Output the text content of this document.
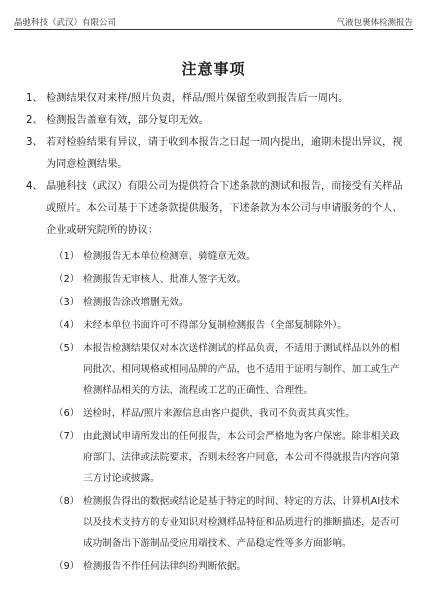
晶驰科技（武汉）有限公司	气液包裹体检测报告
注意事项
1、 检测结果仅对来样/照片负责，样品/照片保留至收到报告后一周内。
2、 检测报告盖章有效，部分复印无效。
3、 若对检验结果有异议，请于收到本报告之日起一周内提出，逾期未提出异议，视为同意检测结果。
4、 晶驰科技（武汉）有限公司为提供符合下述条款的测试和报告，而接受有关样品或照片。本公司基于下述条款提供服务，下述条款为本公司与申请服务的个人、企业或研究院所的协议：
（1） 检测报告无本单位检测章、骑缝章无效。
（2） 检测报告无审核人、批准人签字无效。
（3） 检测报告涂改增删无效。
（4） 未经本单位书面许可不得部分复制检测报告（全部复制除外）。
（5） 本报告检测结果仅对本次送样测试的样品负责，不适用于测试样品以外的相同批次、相同规格或相同品牌的产品，也不适用于证明与制作、加工或生产检测样品相关的方法、流程或工艺的正确性、合理性。
（6） 送检时，样品/照片来源信息由客户提供，我司不负责其真实性。
（7） 由此测试申请所发出的任何报告，本公司会严格地为客户保密。除非相关政府部门、法律或法院要求，否则未经客户同意，本公司不得就报告内容向第三方讨论或披露。
（8） 检测报告得出的数据或结论是基于特定的时间、特定的方法、计算机AI技术以及技术支持方的专业知识对检测样品特征和品质进行的推断描述，是否可成功制备出下游制品受应用端技术、产品稳定性等多方面影响。
（9） 检测报告不作任何法律纠纷判断依据。
